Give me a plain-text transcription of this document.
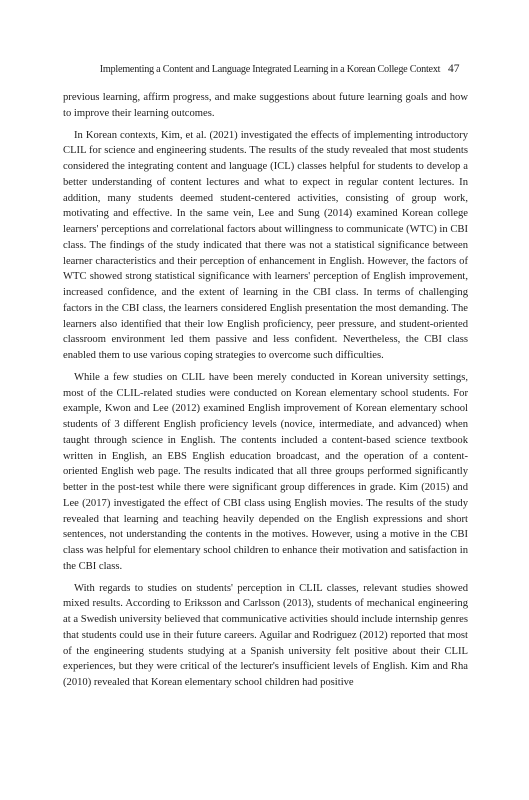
Implementing a Content and Language Integrated Learning in a Korean College Context 47

previous learning, affirm progress, and make suggestions about future learning goals and how to improve their learning outcomes.

In Korean contexts, Kim, et al. (2021) investigated the effects of implementing introductory CLIL for science and engineering students. The results of the study revealed that most students considered the integrating content and language (ICL) classes helpful for students to develop a better understanding of content lectures and what to expect in regular content lectures. In addition, many students deemed student-centered activities, consisting of group work, motivating and effective. In the same vein, Lee and Sung (2014) examined Korean college learners' perceptions and correlational factors about willingness to communicate (WTC) in CBI class. The findings of the study indicated that there was not a statistical significance between learner characteristics and their perception of enhancement in English. However, the factors of WTC showed strong statistical significance with learners' perception of English improvement, increased confidence, and the extent of learning in the CBI class. In terms of challenging factors in the CBI class, the learners considered English presentation the most demanding. The learners also identified that their low English proficiency, peer pressure, and student-oriented classroom environment led them passive and less confident. Nevertheless, the CBI class enabled them to use various coping strategies to overcome such difficulties.

While a few studies on CLIL have been merely conducted in Korean university settings, most of the CLIL-related studies were conducted on Korean elementary school students. For example, Kwon and Lee (2012) examined English improvement of Korean elementary school students of 3 different English proficiency levels (novice, intermediate, and advanced) when taught through science in English. The contents included a content-based science textbook written in English, an EBS English education broadcast, and the operation of a content-oriented English web page. The results indicated that all three groups performed significantly better in the post-test while there were significant group differences in grade. Kim (2015) and Lee (2017) investigated the effect of CBI class using English movies. The results of the study revealed that learning and teaching heavily depended on the English expressions and short sentences, not understanding the contents in the motives. However, using a motive in the CBI class was helpful for elementary school children to enhance their motivation and satisfaction in the CBI class.

With regards to studies on students' perception in CLIL classes, relevant studies showed mixed results. According to Eriksson and Carlsson (2013), students of mechanical engineering at a Swedish university believed that communicative activities should include internship genres that students could use in their future careers. Aguilar and Rodriguez (2012) reported that most of the engineering students studying at a Spanish university felt positive about their CLIL experiences, but they were critical of the lecturer's insufficient levels of English. Kim and Rha (2010) revealed that Korean elementary school children had positive
